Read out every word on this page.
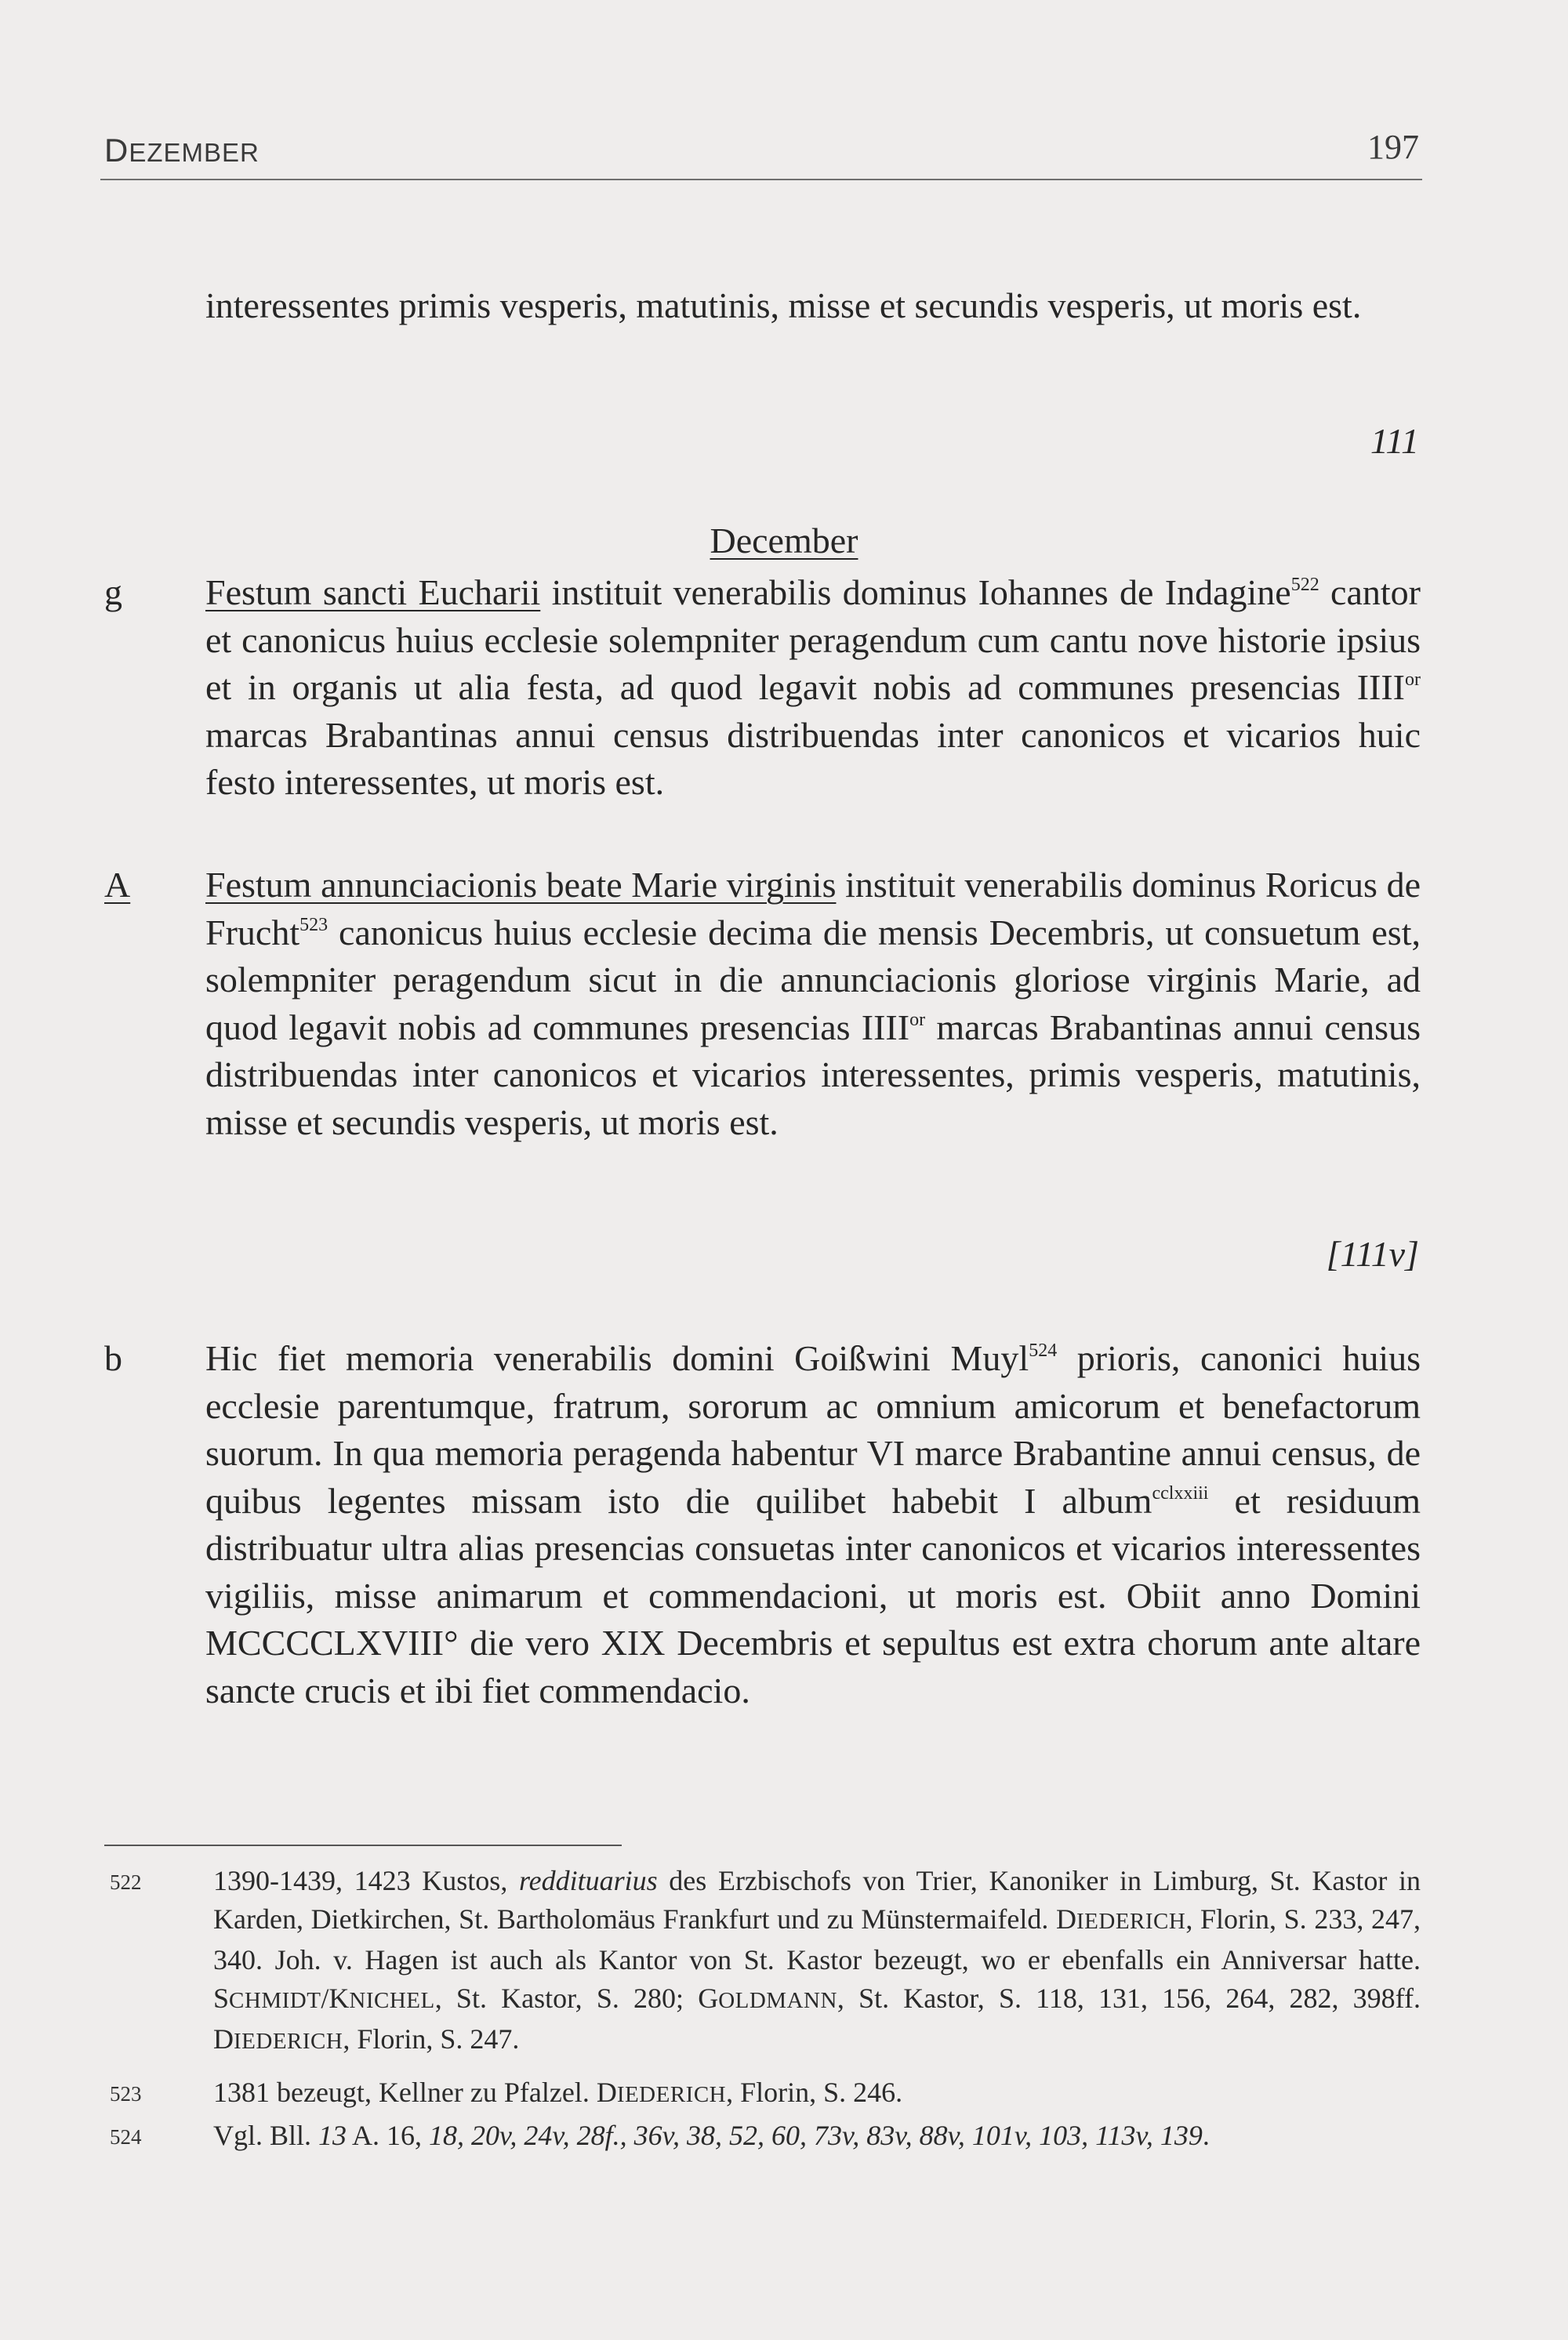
DEZEMBER	197
interessentes primis vesperis, matutinis, misse et secundis vesperis, ut moris est.
111
December
g Festum sancti Eucharii instituit venerabilis dominus Iohannes de Indagine$^{522}$ cantor et canonicus huius ecclesie solempniter peragendum cum cantu nove historie ipsius et in organis ut alia festa, ad quod legavit nobis ad communes presencias $IIII^{or}$ marcas Brabantinas annui census distribuendas inter canonicos et vicarios huic festo interessentes, ut moris est.
A Festum annunciacionis beate Marie virginis instituit venerabilis dominus Roricus de Frucht$^{523}$ canonicus huius ecclesie decima die mensis Decembris, ut consuetum est, solempniter peragendum sicut in die annunciacionis gloriose virginis Marie, ad quod legavit nobis ad communes presencias $IIII^{or}$ marcas Brabantinas annui census distribuendas inter canonicos et vicarios interessentes, primis vesperis, matutinis, misse et secundis vesperis, ut moris est.
[111v]
b Hic fiet memoria venerabilis domini Goißwini Muyl$^{524}$ prioris, canonici huius ecclesie parentumque, fratrum, sororum ac omnium amicorum et benefactorum suorum. In qua memoria peragenda habentur VI marce Brabantine annui census, de quibus legentes missam isto die quilibet habebit I album$^{cclxxiii}$ et residuum distribuatur ultra alias presencias consuetas inter canonicos et vicarios interessentes vigiliis, misse animarum et commendacioni, ut moris est. Obiit anno Domini MCCCCLXVIII° die vero XIX Decembris et sepultus est extra chorum ante altare sancte crucis et ibi fiet commendacio.
522	1390-1439, 1423 Kustos, reddituarius des Erzbischofs von Trier, Kanoniker in Limburg, St. Kastor in Karden, Dietkirchen, St. Bartholomäus Frankfurt und zu Münstermaifeld. DIEDERICH, Florin, S. 233, 247, 340. Joh. v. Hagen ist auch als Kantor von St. Kastor bezeugt, wo er ebenfalls ein Anniversar hatte. SCHMIDT/KNICHEL, St. Kastor, S. 280; GOLDMANN, St. Kastor, S. 118, 131, 156, 264, 282, 398ff. DIEDERICH, Florin, S. 247.
523	1381 bezeugt, Kellner zu Pfalzel. DIEDERICH, Florin, S. 246.
524	Vgl. Bll. 13 A. 16, 18, 20v, 24v, 28f., 36v, 38, 52, 60, 73v, 83v, 88v, 101v, 103, 113v, 139.
